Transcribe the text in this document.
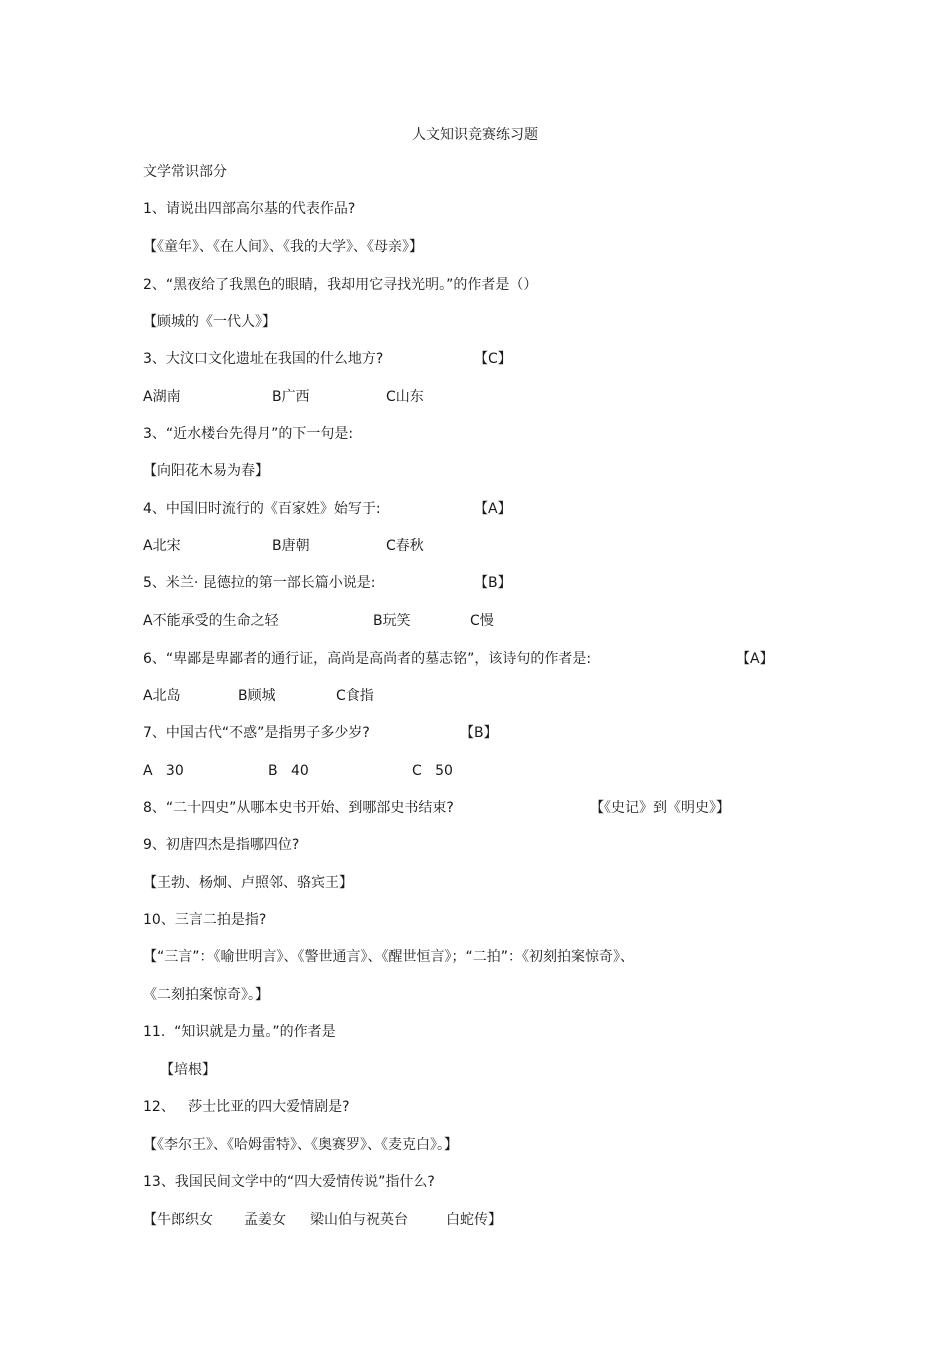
人文知识竞赛练习题
文学常识部分
1、请说出四部高尔基的代表作品?
【《童年》、《在人间》、《我的大学》、《母亲》】
2、“黑夜给了我黑色的眼睛，我却用它寻找光明。”的作者是（）
【顾城的《一代人》】
3、大汶口文化遗址在我国的什么地方?	【C】
A湖南	B广西	C山东
3、“近水楼台先得月”的下一句是:
【向阳花木易为春】
4、中国旧时流行的《百家姓》始写于:	【A】
A北宋	B唐朝	C春秋
5、米兰· 昆德拉的第一部长篇小说是:	【B】
A不能承受的生命之轻	B玩笑	C慢
6、“卑鄙是卑鄙者的通行证，高尚是高尚者的墓志铭”，该诗句的作者是:	【A】
A北岛	B顾城	C食指
7、中国古代“不惑”是指男子多少岁?	【B】
A   30	B   40	C   50
8、“二十四史”从哪本史书开始、到哪部史书结束?	【《史记》到《明史》】
9、初唐四杰是指哪四位?
【王勃、杨炯、卢照邻、骆宾王】
10、三言二拍是指?
【“三言”：《喻世明言》、《警世通言》、《醒世恒言》；“二拍”：《初刻拍案惊奇》、
《二刻拍案惊奇》。】
11.  “知识就是力量。”的作者是
【培根】
12、   莎士比亚的四大爱情剧是?
【《李尔王》、《哈姆雷特》、《奥赛罗》、《麦克白》。】
13、我国民间文学中的“四大爱情传说”指什么?
【牛郎织女 孟姜女 梁山伯与祝英台	白蛇传】
